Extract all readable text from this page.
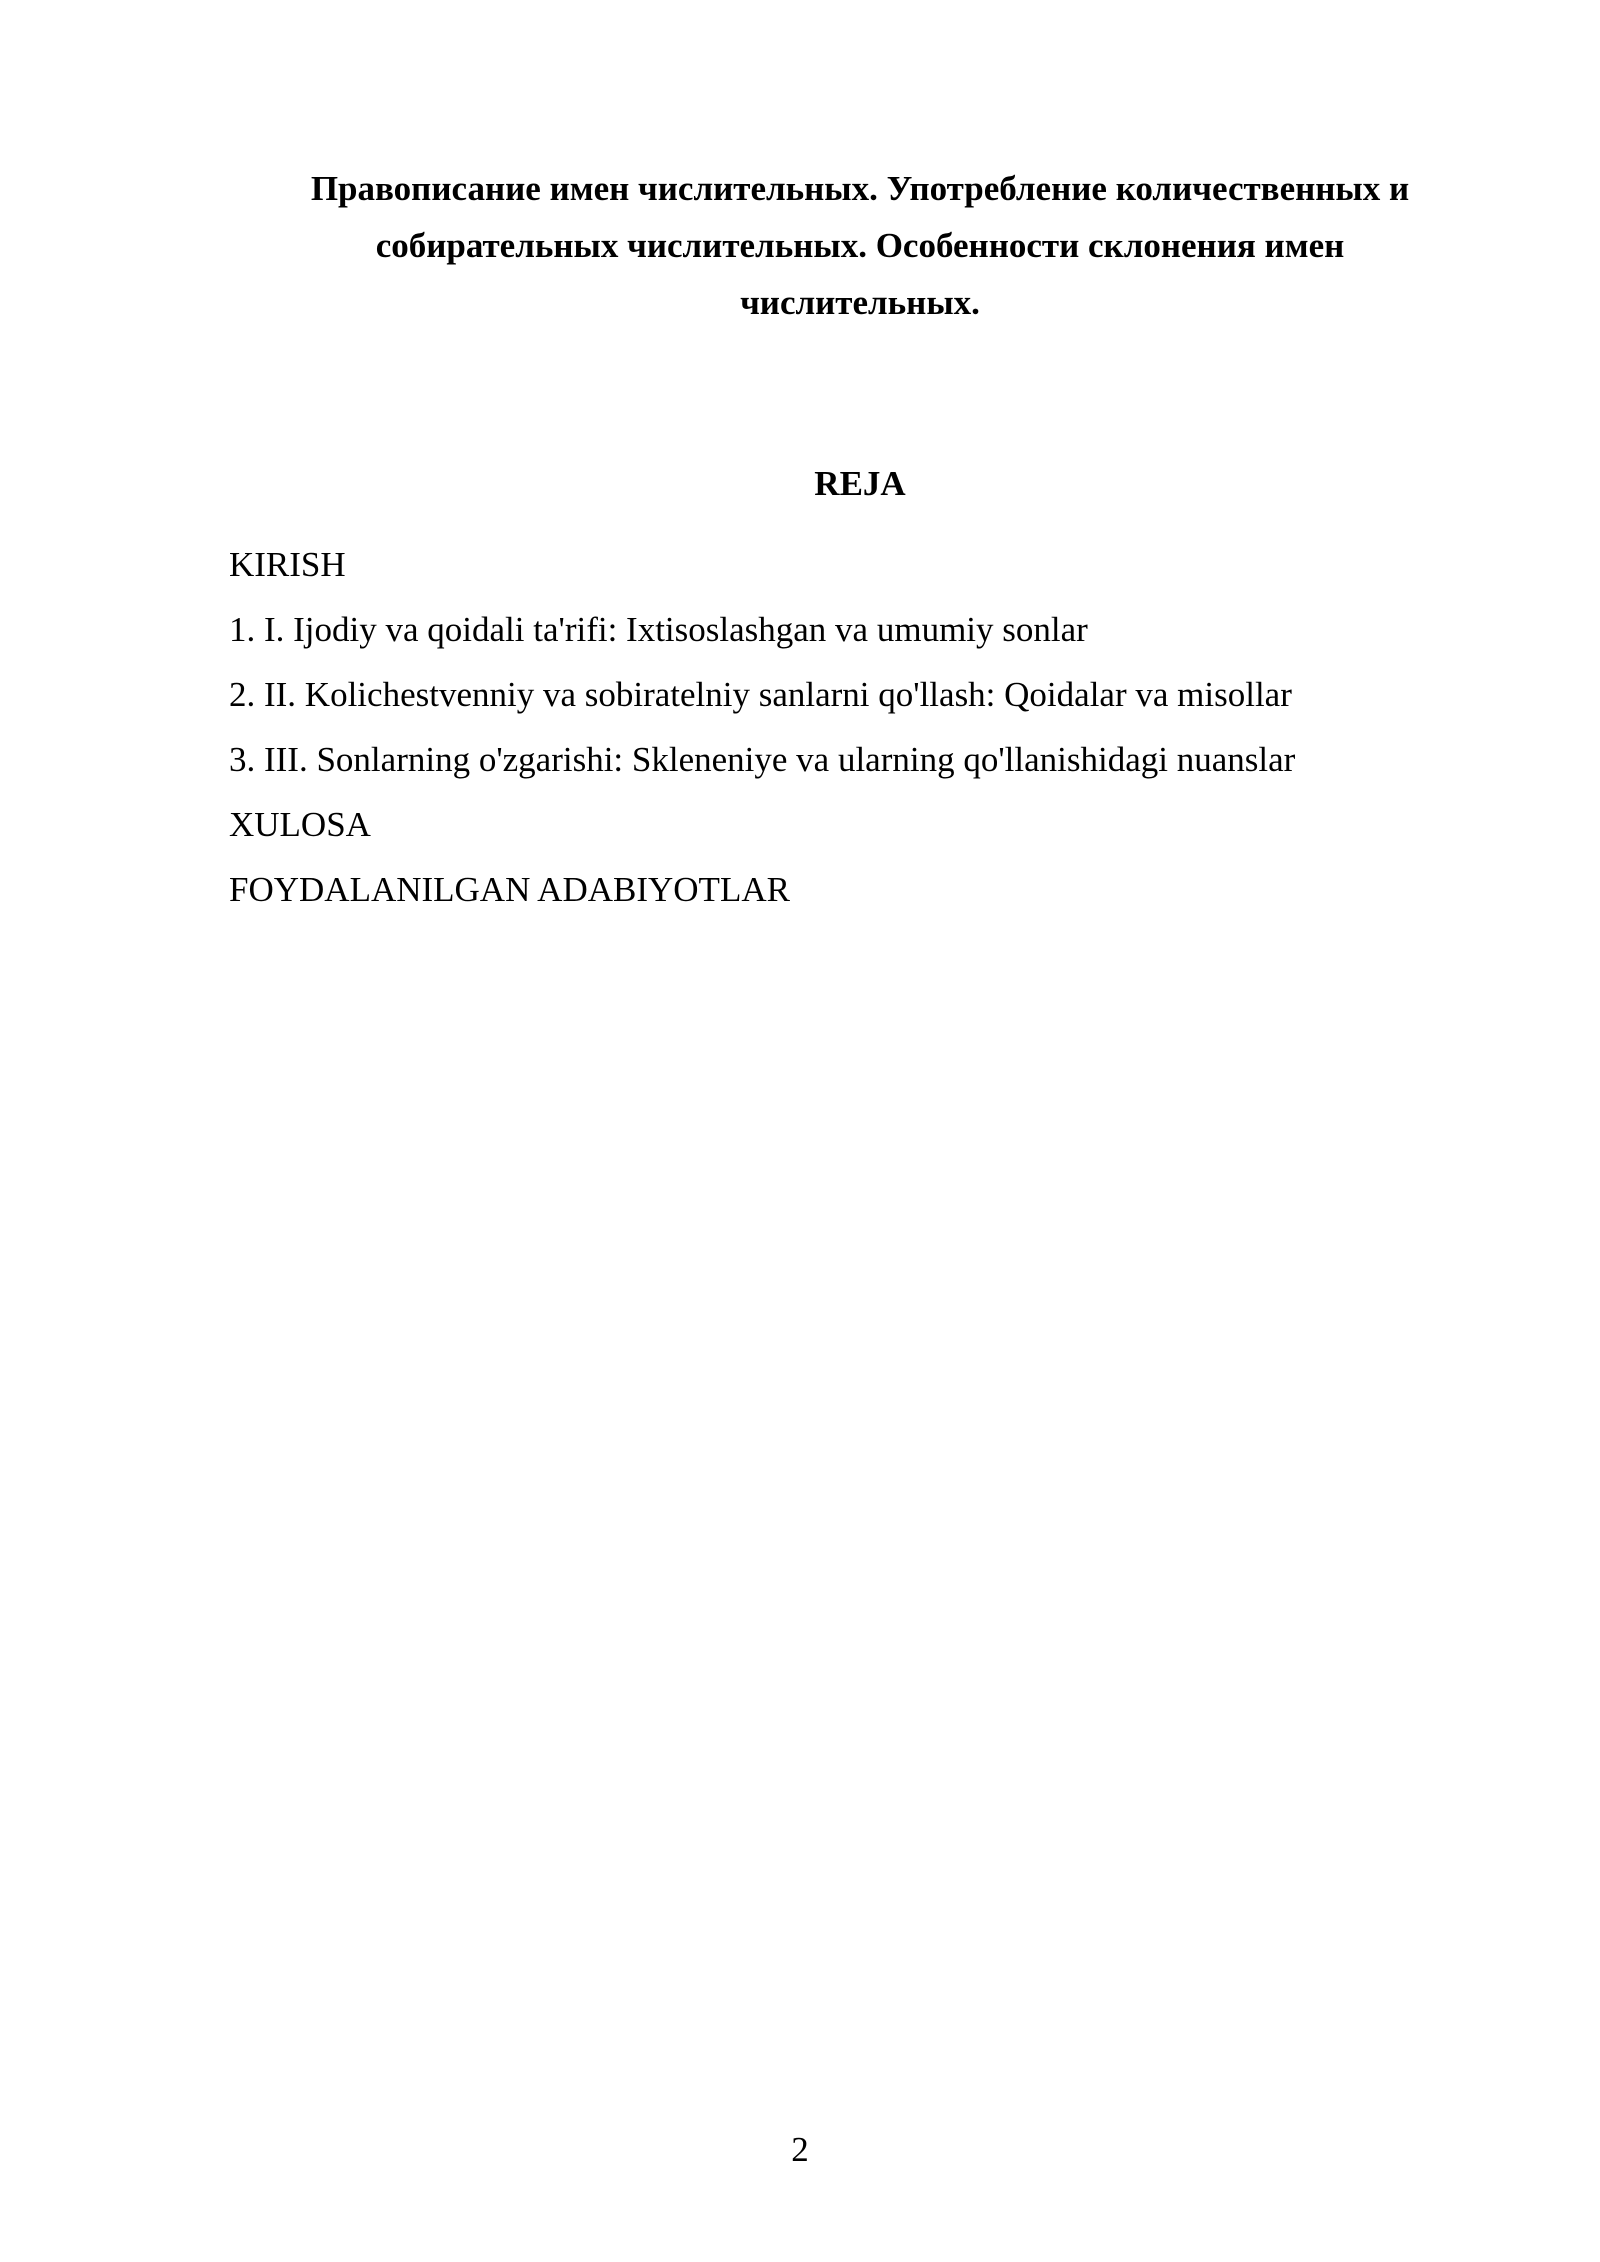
Правописание имен числительных. Употребление количественных и
собирательных числительных. Особенности склонения имен
числительных.
REJA
KIRISH
1. I. Ijodiy va qoidali ta'rifi: Ixtisoslashgan va umumiy sonlar
2. II. Kolichestvenniy va sobiratelniy sanlarni qo'llash: Qoidalar va misollar
3. III. Sonlarning o'zgarishi: Skleneniye va ularning qo'llanishidagi nuanslar
XULOSA
FOYDALANILGAN ADABIYOTLAR
2
